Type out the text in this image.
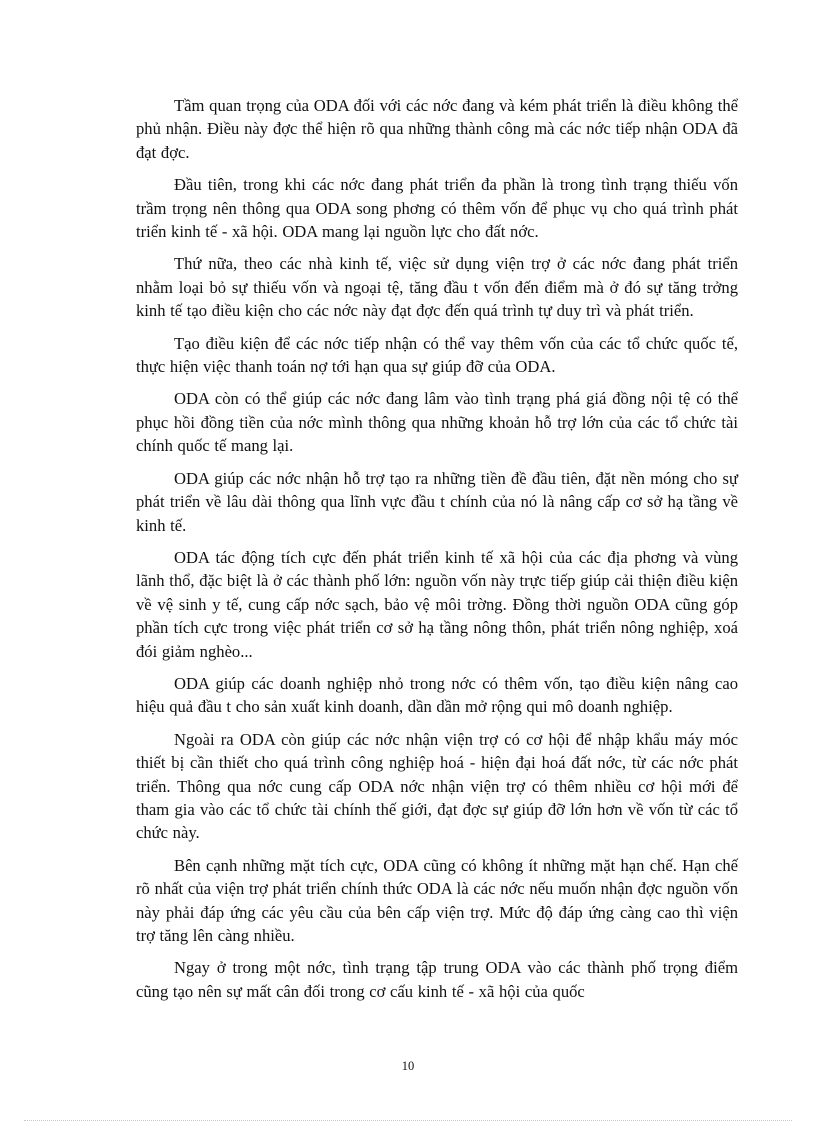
Tầm quan trọng của ODA đối với các nớc đang và kém phát triển là điều không thể phủ nhận. Điều này đợc thể hiện rõ qua những thành công mà các nớc tiếp nhận ODA đã đạt đợc.

Đầu tiên, trong khi các nớc đang phát triển đa phần là trong tình trạng thiếu vốn trầm trọng nên thông qua ODA song phơng có thêm vốn để phục vụ cho quá trình phát triển kinh tế - xã hội. ODA mang lại nguồn lực cho đất nớc.

Thứ nữa, theo các nhà kinh tế, việc sử dụng viện trợ ở các nớc đang phát triển nhằm loại bỏ sự thiếu vốn và ngoại tệ, tăng đầu t vốn đến điểm mà ở đó sự tăng trởng kinh tế tạo điều kiện cho các nớc này đạt đợc đến quá trình tự duy trì và phát triển.

Tạo điều kiện để các nớc tiếp nhận có thể vay thêm vốn của các tổ chức quốc tế, thực hiện việc thanh toán nợ tới hạn qua sự giúp đỡ của ODA.

ODA còn có thể giúp các nớc đang lâm vào tình trạng phá giá đồng nội tệ có thể phục hồi đồng tiền của nớc mình thông qua những khoản hỗ trợ lớn của các tổ chức tài chính quốc tế mang lại.

ODA giúp các nớc nhận hỗ trợ tạo ra những tiền đề đầu tiên, đặt nền móng cho sự phát triển về lâu dài thông qua lĩnh vực đầu t chính của nó là nâng cấp cơ sở hạ tầng về kinh tế.

ODA tác động tích cực đến phát triển kinh tế xã hội của các địa phơng và vùng lãnh thổ, đặc biệt là ở các thành phố lớn: nguồn vốn này trực tiếp giúp cải thiện điều kiện về vệ sinh y tế, cung cấp nớc sạch, bảo vệ môi trờng. Đồng thời nguồn ODA cũng góp phần tích cực trong việc phát triển cơ sở hạ tầng nông thôn, phát triển nông nghiệp, xoá đói giảm nghèo...

ODA giúp các doanh nghiệp nhỏ trong nớc có thêm vốn, tạo điều kiện nâng cao hiệu quả đầu t cho sản xuất kinh doanh, dần dần mở rộng qui mô doanh nghiệp.

Ngoài ra ODA còn giúp các nớc nhận viện trợ có cơ hội để nhập khẩu máy móc thiết bị cần thiết cho quá trình công nghiệp hoá - hiện đại hoá đất nớc, từ các nớc phát triển. Thông qua nớc cung cấp ODA nớc nhận viện trợ có thêm nhiều cơ hội mới để tham gia vào các tổ chức tài chính thế giới, đạt đợc sự giúp đỡ lớn hơn về vốn từ các tổ chức này.

Bên cạnh những mặt tích cực, ODA cũng có không ít những mặt hạn chế. Hạn chế rõ nhất của viện trợ phát triển chính thức ODA là các nớc nếu muốn nhận đợc nguồn vốn này phải đáp ứng các yêu cầu của bên cấp viện trợ. Mức độ đáp ứng càng cao thì viện trợ tăng lên càng nhiều.

Ngay ở trong một nớc, tình trạng tập trung ODA vào các thành phố trọng điểm cũng tạo nên sự mất cân đối trong cơ cấu kinh tế - xã hội của quốc

10
